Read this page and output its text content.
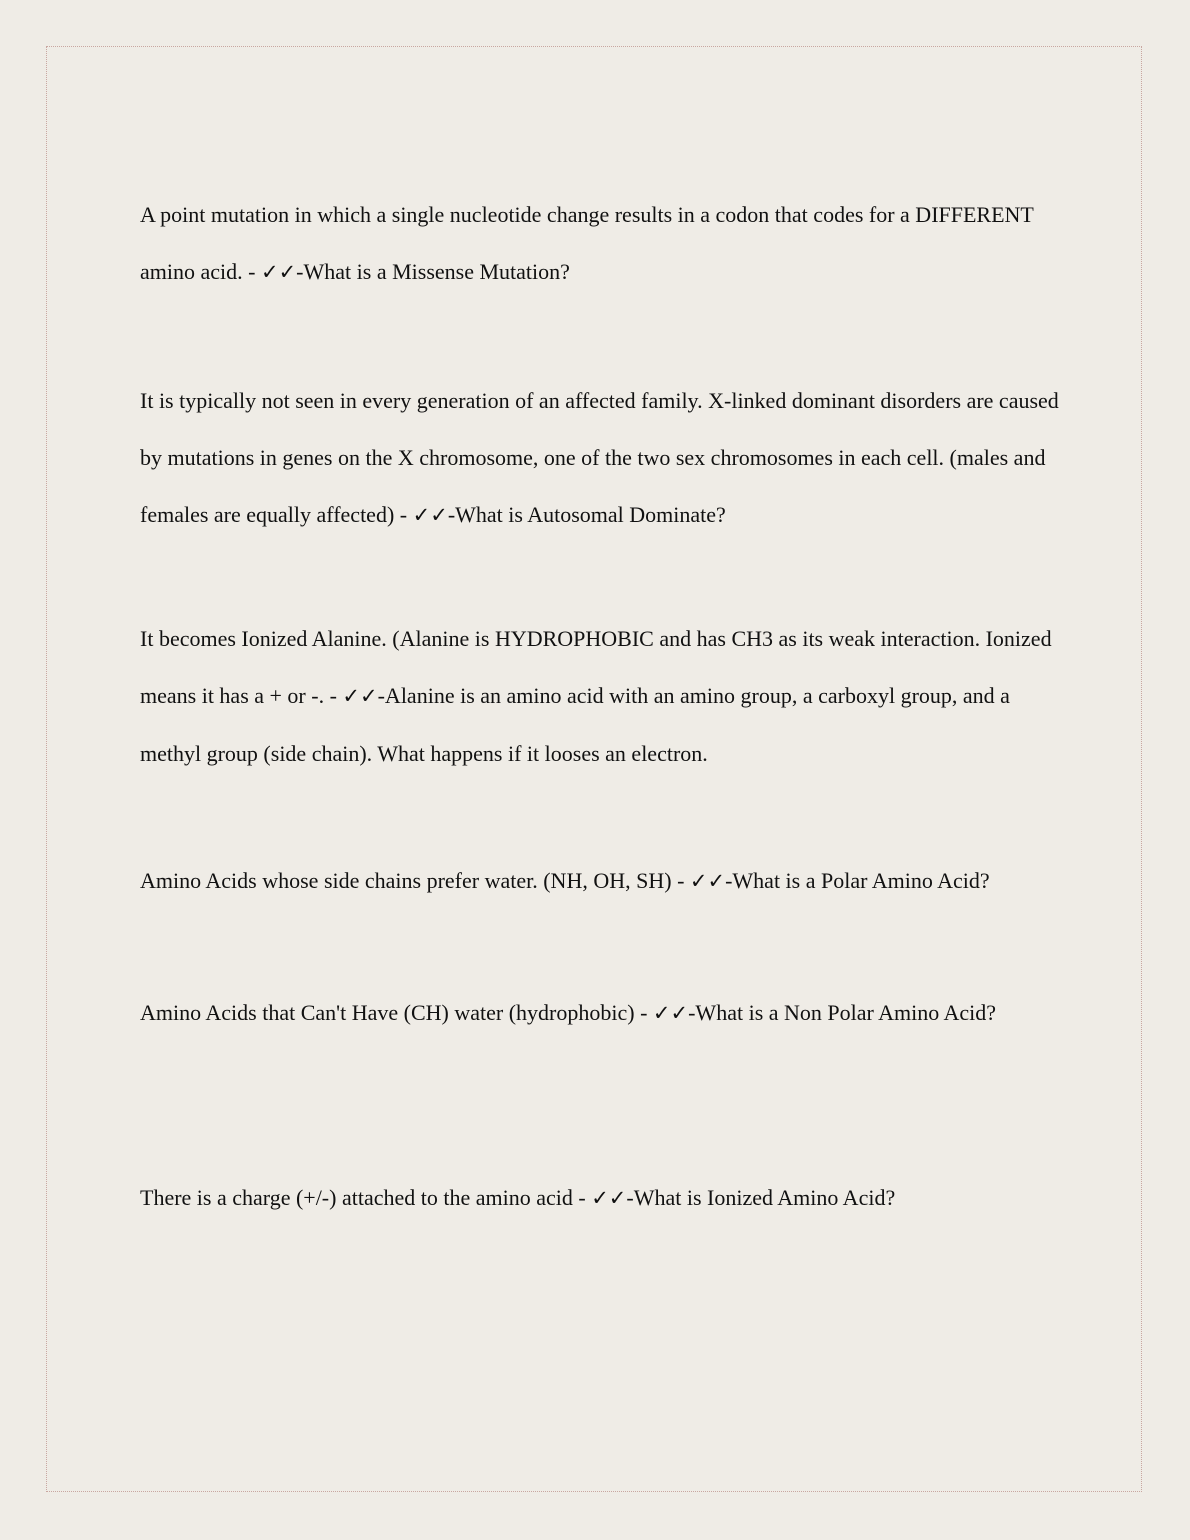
A point mutation in which a single nucleotide change results in a codon that codes for a DIFFERENT amino acid. - ✓✓-What is a Missense Mutation?

It is typically not seen in every generation of an affected family. X-linked dominant disorders are caused by mutations in genes on the X chromosome, one of the two sex chromosomes in each cell. (males and females are equally affected) - ✓✓-What is Autosomal Dominate?

It becomes Ionized Alanine. (Alanine is HYDROPHOBIC and has CH3 as its weak interaction. Ionized means it has a + or -. - ✓✓-Alanine is an amino acid with an amino group, a carboxyl group, and a methyl group (side chain). What happens if it looses an electron.

Amino Acids whose side chains prefer water. (NH, OH, SH) - ✓✓-What is a Polar Amino Acid?

Amino Acids that Can't Have (CH) water (hydrophobic) - ✓✓-What is a Non Polar Amino Acid?

There is a charge (+/-) attached to the amino acid - ✓✓-What is Ionized Amino Acid?
